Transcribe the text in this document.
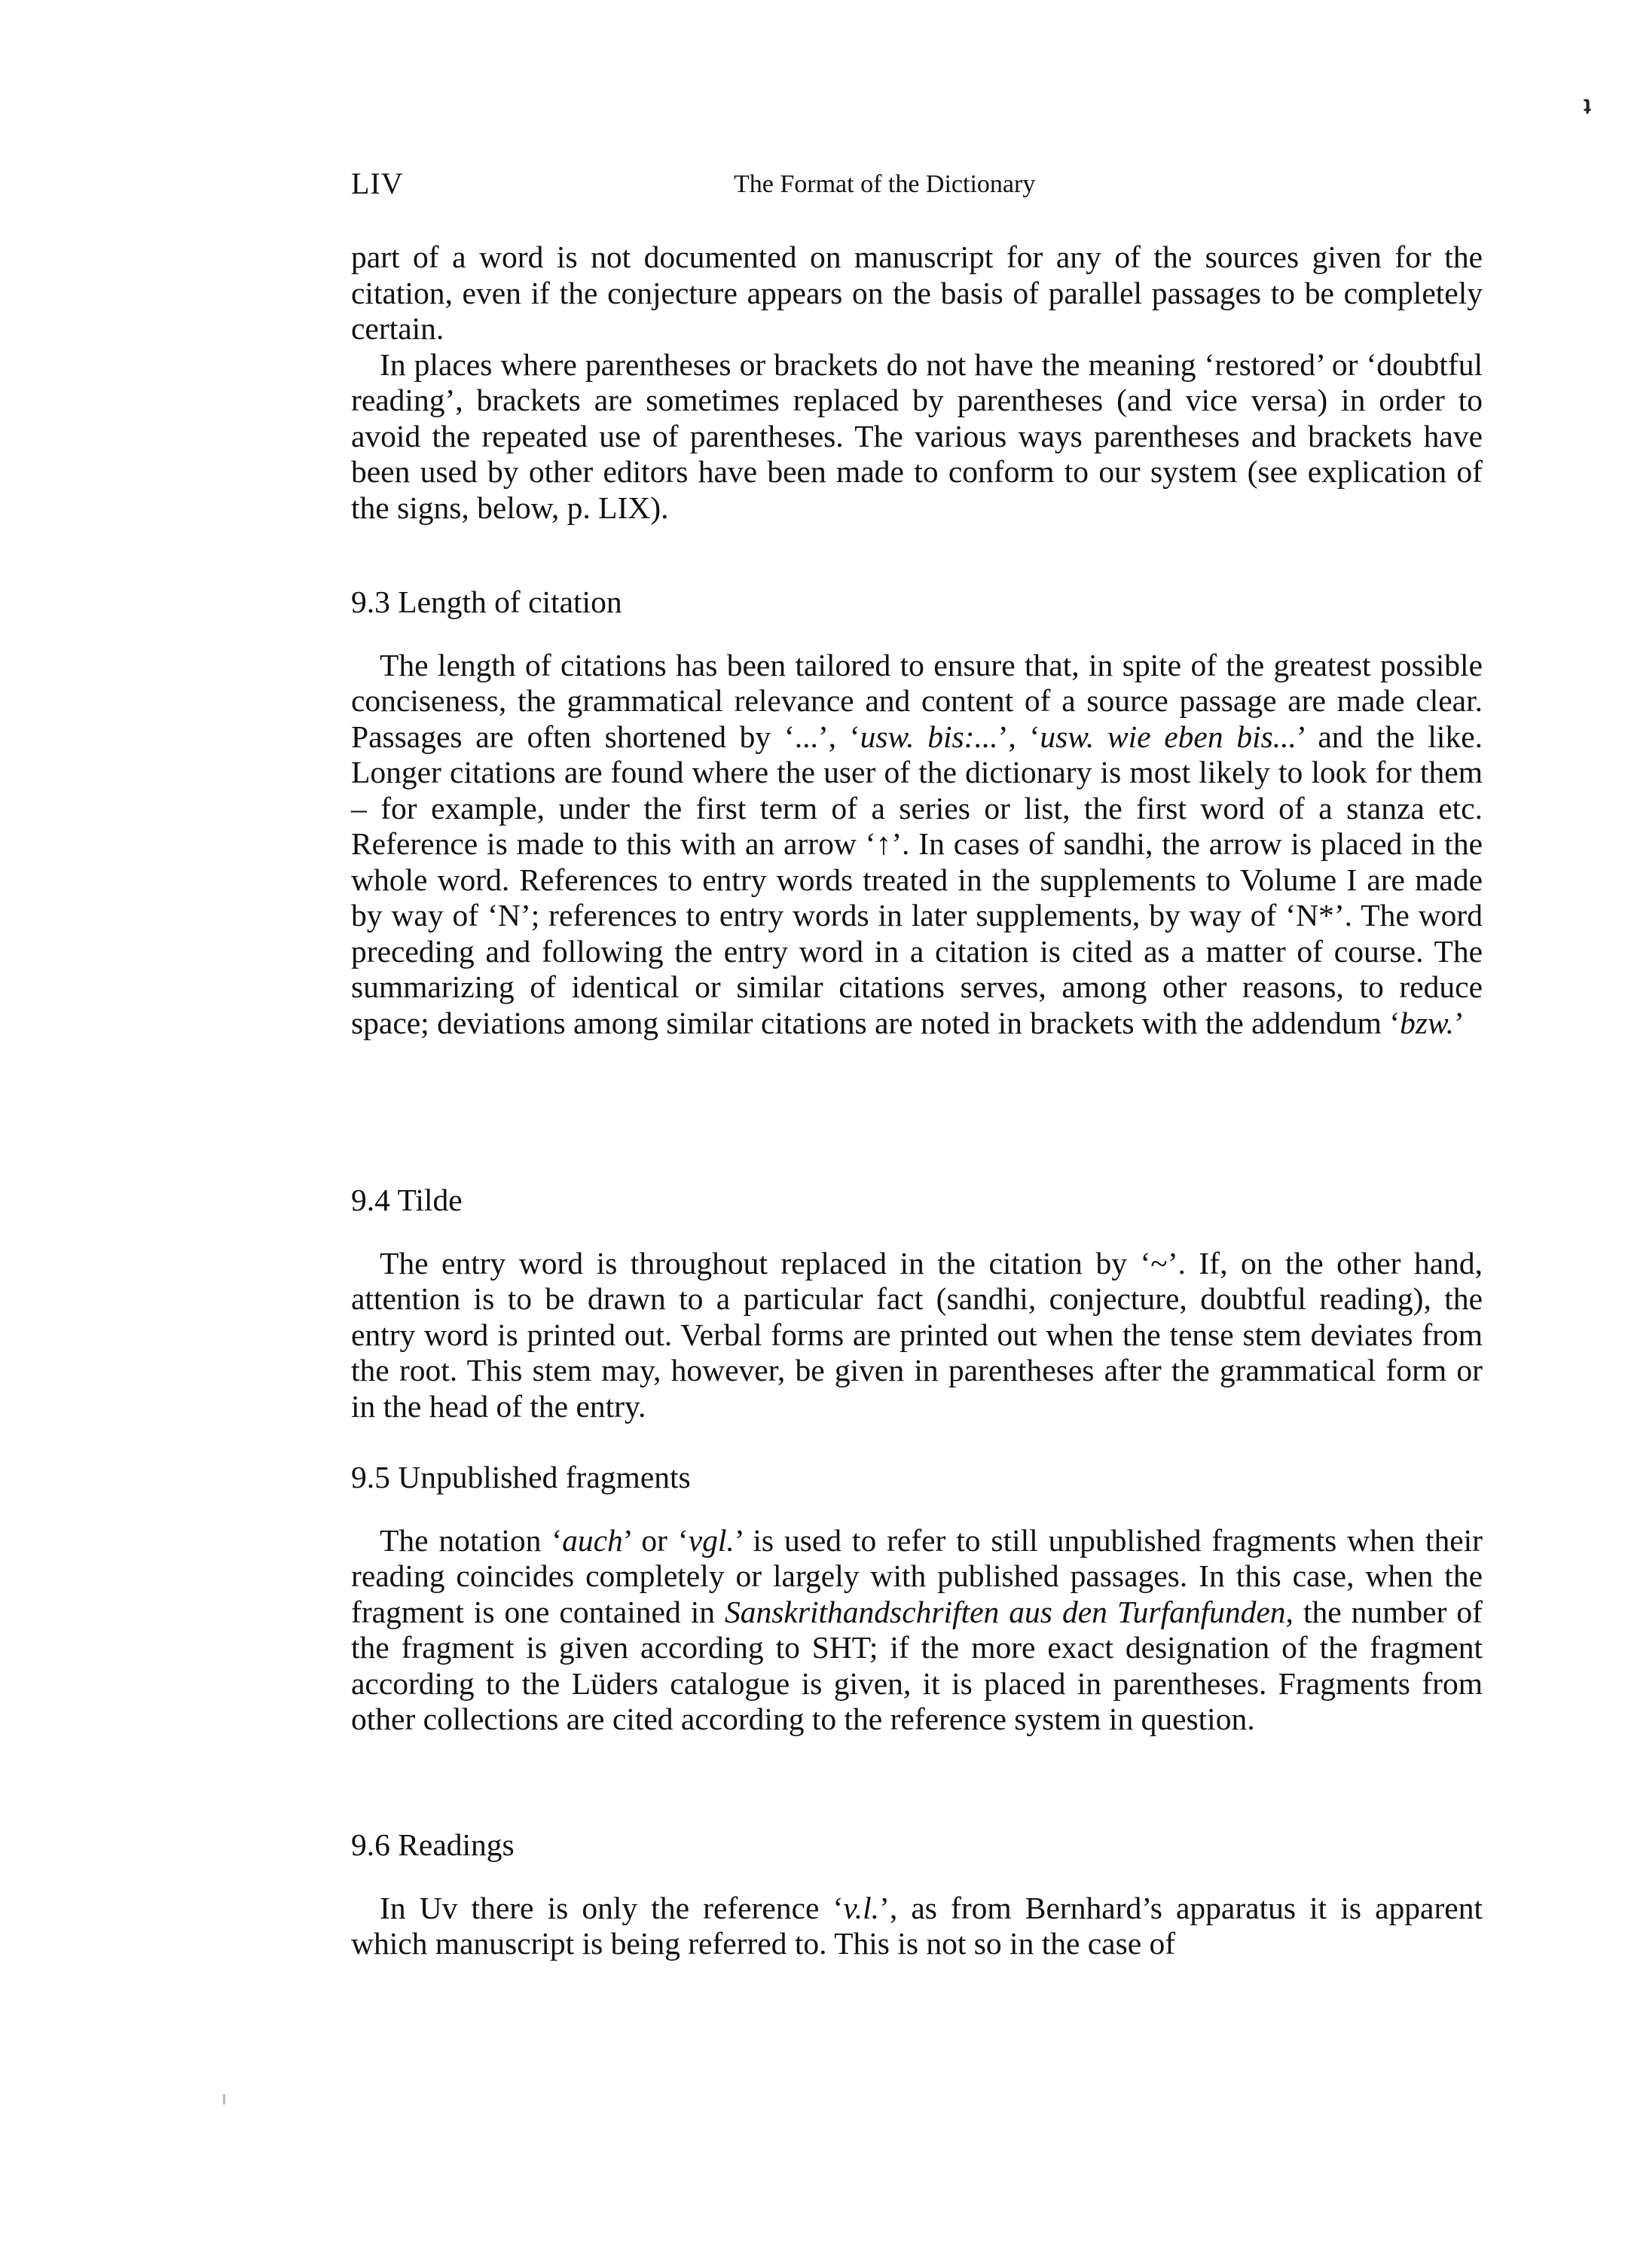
ʇ
LIV	The Format of the Dictionary

part of a word is not documented on manuscript for any of the sources given for the citation, even if the conjecture appears on the basis of parallel passages to be completely certain.

In places where parentheses or brackets do not have the meaning ‘restored’ or ‘doubtful reading’, brackets are sometimes replaced by parentheses (and vice versa) in order to avoid the repeated use of parentheses. The various ways parentheses and brackets have been used by other editors have been made to conform to our system (see explication of the signs, below, p. LIX).

9.3 Length of citation

The length of citations has been tailored to ensure that, in spite of the greatest possible conciseness, the grammatical relevance and content of a source passage are made clear. Passages are often shortened by ‘...’, ‘usw. bis:...’, ‘usw. wie eben bis...’ and the like. Longer citations are found where the user of the dictionary is most likely to look for them – for example, under the first term of a series or list, the first word of a stanza etc. Reference is made to this with an arrow ‘↑’. In cases of sandhi, the arrow is placed in the whole word. References to entry words treated in the supplements to Volume I are made by way of ‘N’; references to entry words in later supplements, by way of ‘N*’. The word preceding and following the entry word in a citation is cited as a matter of course. The summarizing of identical or similar citations serves, among other reasons, to reduce space; deviations among similar citations are noted in brackets with the addendum ‘bzw.’

9.4 Tilde

The entry word is throughout replaced in the citation by ‘~’. If, on the other hand, attention is to be drawn to a particular fact (sandhi, conjecture, doubtful reading), the entry word is printed out. Verbal forms are printed out when the tense stem deviates from the root. This stem may, however, be given in parentheses after the grammatical form or in the head of the entry.

9.5 Unpublished fragments

The notation ‘auch’ or ‘vgl.’ is used to refer to still unpublished fragments when their reading coincides completely or largely with published passages. In this case, when the fragment is one contained in Sanskrithandschriften aus den Turfanfunden, the number of the fragment is given according to SHT; if the more exact designation of the fragment according to the Lüders catalogue is given, it is placed in parentheses. Fragments from other collections are cited according to the reference system in question.

9.6 Readings

In Uv there is only the reference ‘v.l.’, as from Bernhard’s apparatus it is apparent which manuscript is being referred to. This is not so in the case of
